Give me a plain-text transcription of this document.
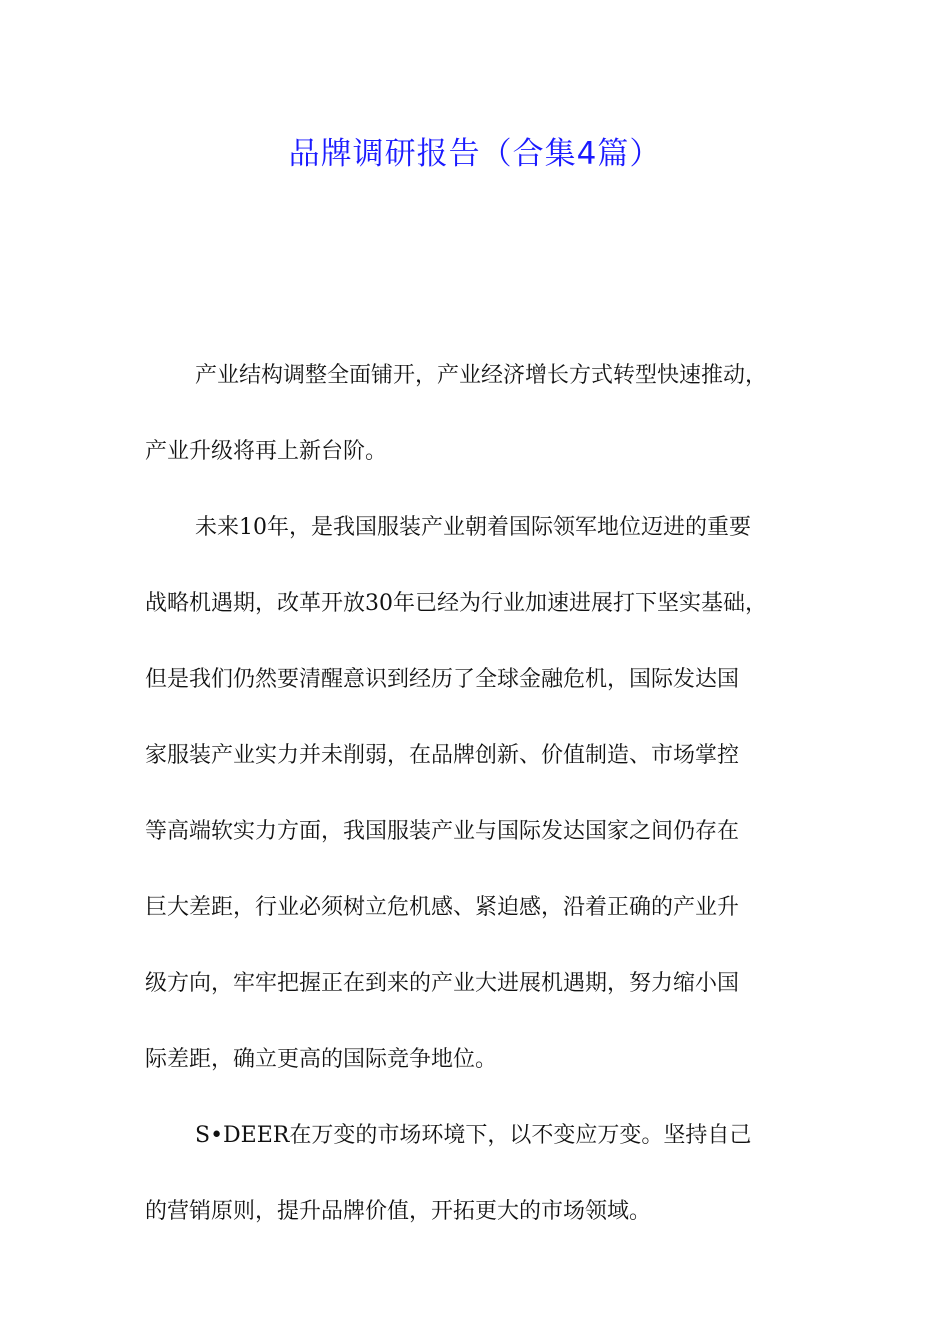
品牌调研报告（合集4篇）
产业结构调整全面铺开，产业经济增长方式转型快速推动，
产业升级将再上新台阶。
未来10年，是我国服装产业朝着国际领军地位迈进的重要
战略机遇期，改革开放30年已经为行业加速进展打下坚实基础，
但是我们仍然要清醒意识到经历了全球金融危机，国际发达国
家服装产业实力并未削弱，在品牌创新、价值制造、市场掌控
等高端软实力方面，我国服装产业与国际发达国家之间仍存在
巨大差距，行业必须树立危机感、紧迫感，沿着正确的产业升
级方向，牢牢把握正在到来的产业大进展机遇期，努力缩小国
际差距，确立更高的国际竞争地位。
S•DEER在万变的市场环境下，以不变应万变。坚持自己
的营销原则，提升品牌价值，开拓更大的市场领域。
